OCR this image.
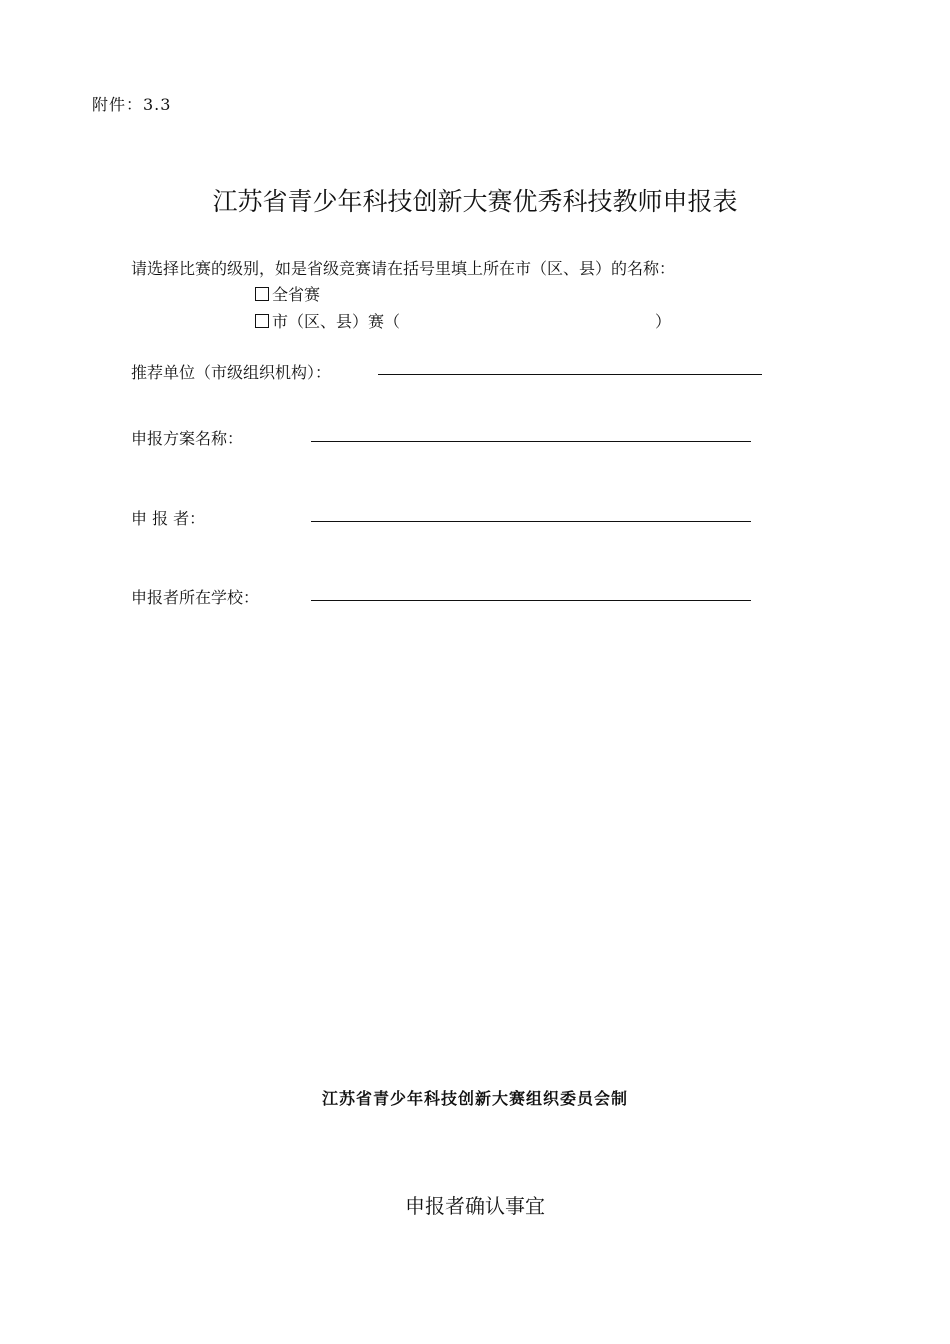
附件：3.3
江苏省青少年科技创新大赛优秀科技教师申报表
请选择比赛的级别，如是省级竞赛请在括号里填上所在市（区、县）的名称：
全省赛
市（区、县）赛（	）
推荐单位（市级组织机构）：
申报方案名称：
申 报 者：
申报者所在学校：
江苏省青少年科技创新大赛组织委员会制
申报者确认事宜
